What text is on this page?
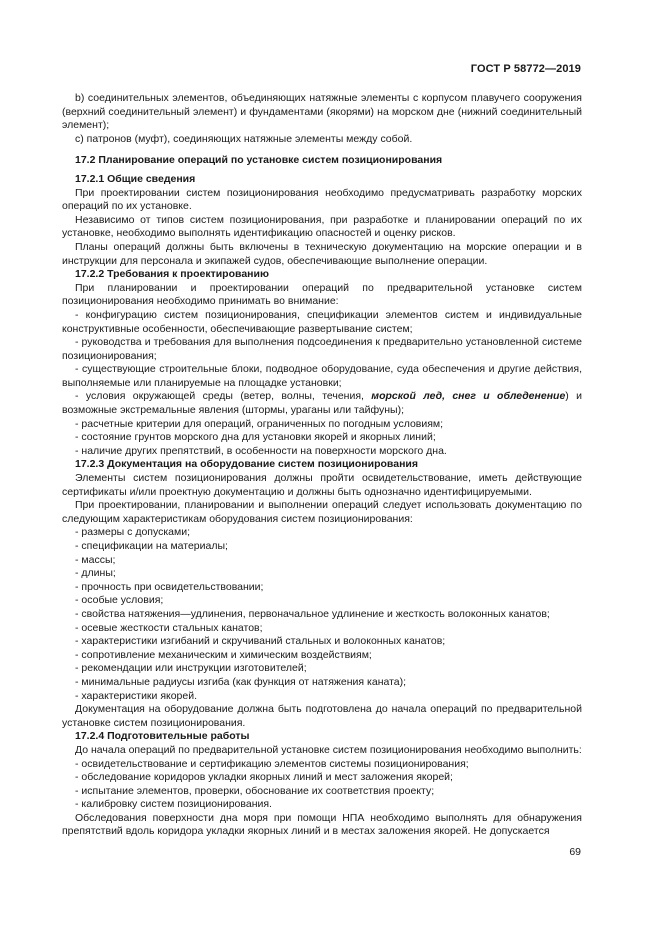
ГОСТ Р 58772—2019

b) соединительных элементов, объединяющих натяжные элементы с корпусом плавучего сооружения (верхний соединительный элемент) и фундаментами (якорями) на морском дне (нижний соединительный элемент);

c) патронов (муфт), соединяющих натяжные элементы между собой.

17.2 Планирование операций по установке систем позиционирования
17.2.1 Общие сведения

При проектировании систем позиционирования необходимо предусматривать разработку морских операций по их установке.

Независимо от типов систем позиционирования, при разработке и планировании операций по их установке, необходимо выполнять идентификацию опасностей и оценку рисков.

Планы операций должны быть включены в техническую документацию на морские операции и в инструкции для персонала и экипажей судов, обеспечивающие выполнение операции.

17.2.2 Требования к проектированию

При планировании и проектировании операций по предварительной установке систем позиционирования необходимо принимать во внимание:

- конфигурацию систем позиционирования, спецификации элементов систем и индивидуальные конструктивные особенности, обеспечивающие развертывание систем;

- руководства и требования для выполнения подсоединения к предварительно установленной системе позиционирования;

- существующие строительные блоки, подводное оборудование, суда обеспечения и другие действия, выполняемые или планируемые на площадке установки;

- условия окружающей среды (ветер, волны, течения, морской лед, снег и обледенение) и возможные экстремальные явления (штормы, ураганы или тайфуны);

- расчетные критерии для операций, ограниченных по погодным условиям;

- состояние грунтов морского дна для установки якорей и якорных линий;

- наличие других препятствий, в особенности на поверхности морского дна.

17.2.3 Документация на оборудование систем позиционирования

Элементы систем позиционирования должны пройти освидетельствование, иметь действующие сертификаты и/или проектную документацию и должны быть однозначно идентифицируемыми.

При проектировании, планировании и выполнении операций следует использовать документацию по следующим характеристикам оборудования систем позиционирования:

- размеры с допусками;

- спецификации на материалы;

- массы;

- длины;

- прочность при освидетельствовании;

- особые условия;

- свойства натяжения—удлинения, первоначальное удлинение и жесткость волоконных канатов;

- осевые жесткости стальных канатов;

- характеристики изгибаний и скручиваний стальных и волоконных канатов;

- сопротивление механическим и химическим воздействиям;

- рекомендации или инструкции изготовителей;

- минимальные радиусы изгиба (как функция от натяжения каната);

- характеристики якорей.

Документация на оборудование должна быть подготовлена до начала операций по предварительной установке систем позиционирования.

17.2.4 Подготовительные работы

До начала операций по предварительной установке систем позиционирования необходимо выполнить:

- освидетельствование и сертификацию элементов системы позиционирования;

- обследование коридоров укладки якорных линий и мест заложения якорей;

- испытание элементов, проверки, обоснование их соответствия проекту;

- калибровку систем позиционирования.

Обследования поверхности дна моря при помощи НПА необходимо выполнять для обнаружения препятствий вдоль коридора укладки якорных линий и в местах заложения якорей. Не допускается

69
